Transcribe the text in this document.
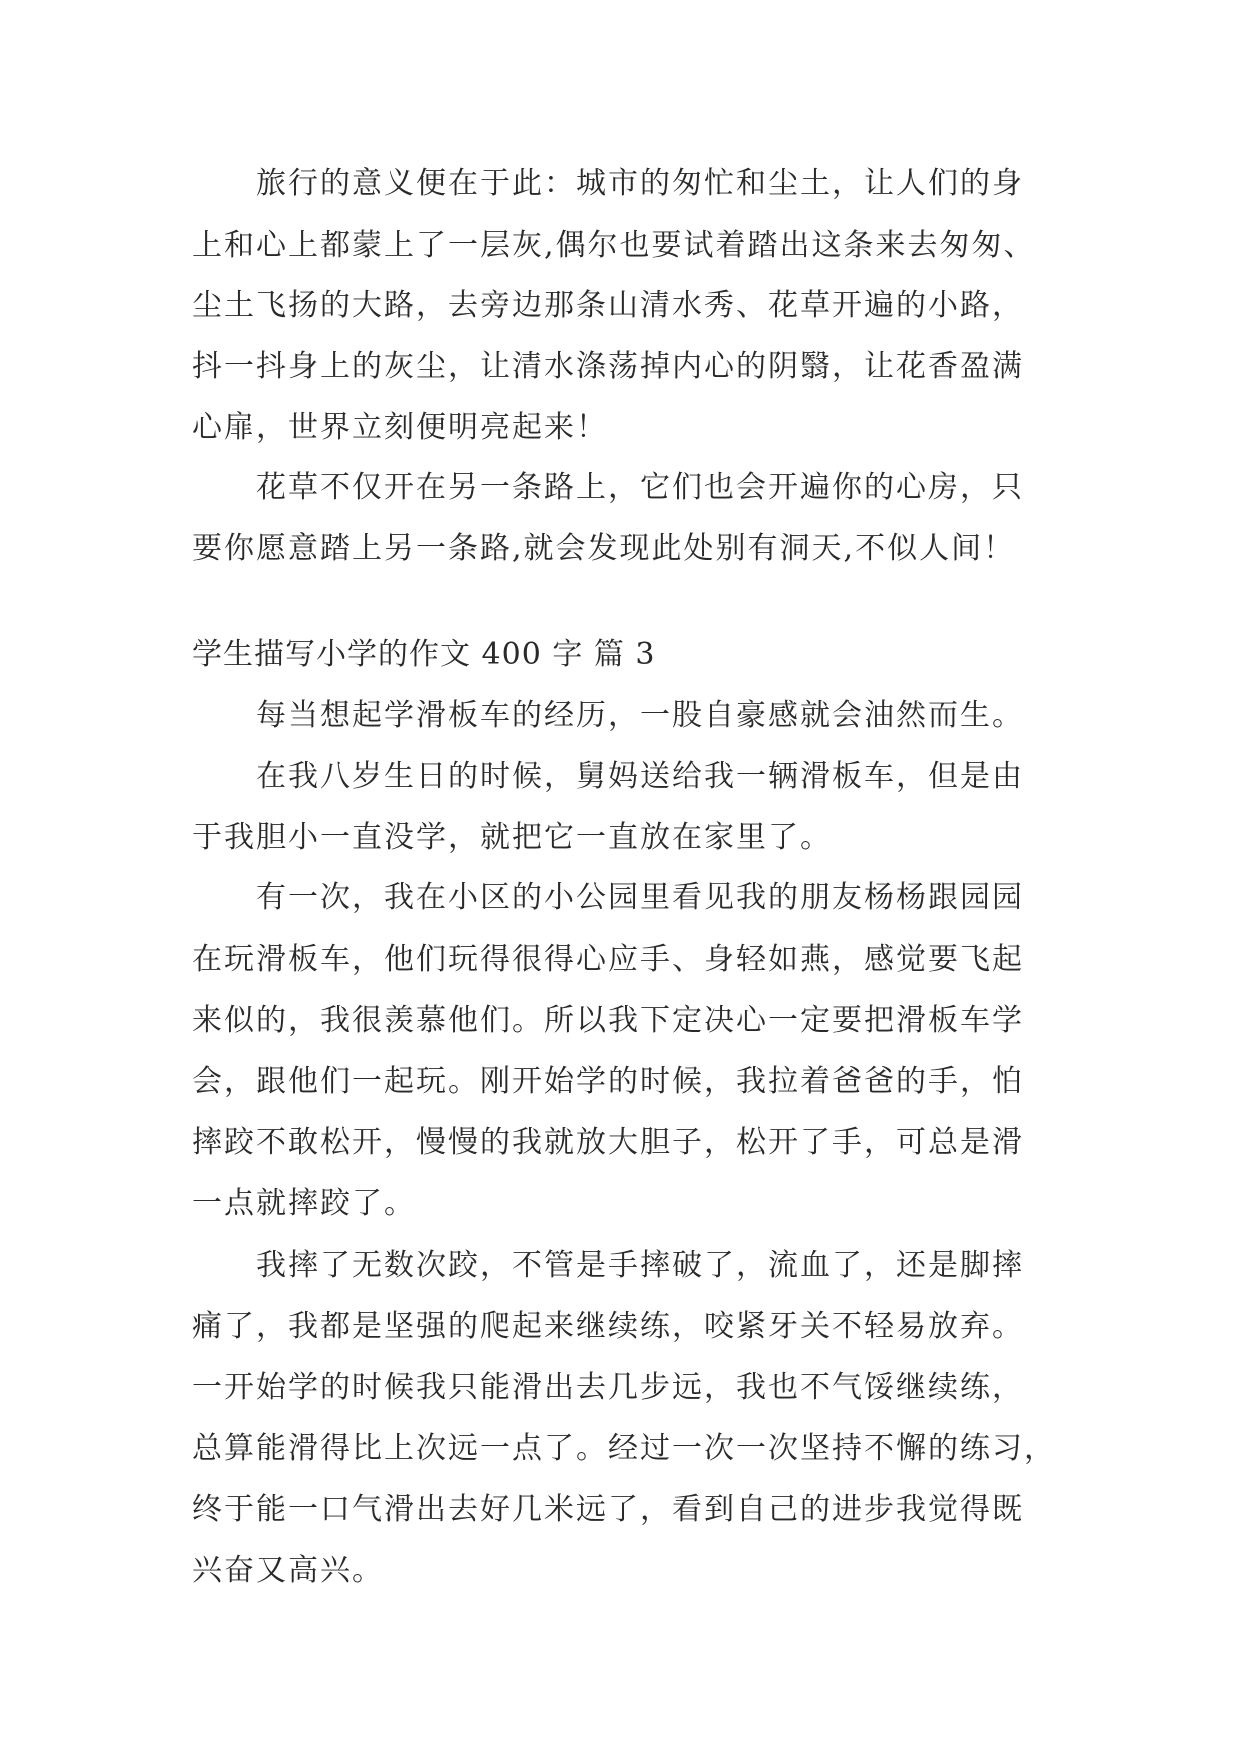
旅行的意义便在于此：城市的匆忙和尘土，让人们的身
上和心上都蒙上了一层灰,偶尔也要试着踏出这条来去匆匆、
尘土飞扬的大路，去旁边那条山清水秀、花草开遍的小路，
抖一抖身上的灰尘，让清水涤荡掉内心的阴翳，让花香盈满
心扉，世界立刻便明亮起来！
花草不仅开在另一条路上，它们也会开遍你的心房，只
要你愿意踏上另一条路,就会发现此处别有洞天,不似人间！
学生描写小学的作文 400 字 篇 3
每当想起学滑板车的经历，一股自豪感就会油然而生。
在我八岁生日的时候，舅妈送给我一辆滑板车，但是由
于我胆小一直没学，就把它一直放在家里了。
有一次，我在小区的小公园里看见我的朋友杨杨跟园园
在玩滑板车，他们玩得很得心应手、身轻如燕，感觉要飞起
来似的，我很羡慕他们。所以我下定决心一定要把滑板车学
会，跟他们一起玩。刚开始学的时候，我拉着爸爸的手，怕
摔跤不敢松开，慢慢的我就放大胆子，松开了手，可总是滑
一点就摔跤了。
我摔了无数次跤，不管是手摔破了，流血了，还是脚摔
痛了，我都是坚强的爬起来继续练，咬紧牙关不轻易放弃。
一开始学的时候我只能滑出去几步远，我也不气馁继续练，
总算能滑得比上次远一点了。经过一次一次坚持不懈的练习，
终于能一口气滑出去好几米远了，看到自己的进步我觉得既
兴奋又高兴。
